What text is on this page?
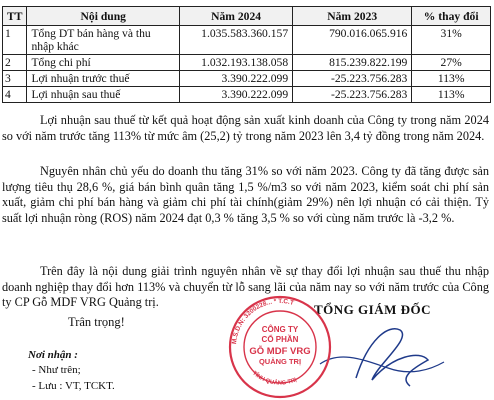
TT	Nội dung	Năm 2024	Năm 2023	% thay đổi
1	Tổng DT bán hàng và thu nhập khác	1.035.583.360.157	790.016.065.916	31%
2	Tổng chi phí	1.032.193.138.058	815.239.822.199	27%
3	Lợi nhuận trước thuế	3.390.222.099	-25.223.756.283	113%
4	Lợi nhuận sau thuế	3.390.222.099	-25.223.756.283	113%

Lợi nhuận sau thuế từ kết quả hoạt động sản xuất kinh doanh của Công ty trong năm 2024 so với năm trước tăng 113% từ mức âm (25,2) tỷ trong năm 2023 lên 3,4 tỷ đồng trong năm 2024.

Nguyên nhân chủ yếu do doanh thu tăng 31% so với năm 2023. Công ty đã tăng được sản lượng tiêu thụ 28,6 %, giá bán bình quân tăng 1,5 %/m3 so với năm 2023, kiểm soát chi phí sản xuất, giảm chi phí bán hàng và giảm chi phí tài chính(giảm 29%) nên lợi nhuận có cải thiện. Tỷ suất lợi nhuận ròng (ROS) năm 2024 đạt 0,3 % tăng 3,5 % so với cùng năm trước là -3,2 %.

Trên đây là nội dung giải trình nguyên nhân về sự thay đổi lợi nhuận sau thuế thu nhập doanh nghiệp thay đổi hơn 113% và chuyển từ lỗ sang lãi của năm nay so với năm trước của Công ty CP Gỗ MDF VRG Quảng trị.

Trân trọng!

Nơi nhận :
- Như trên;
- Lưu : VT, TCKT.
TỔNG GIÁM ĐỐC
M.S.D.N: 3200228... * T.C.T
TỈNH QUẢNG TRỊ
CÔNG TY
CỔ PHẦN
GỖ MDF VRG
QUẢNG TRỊ
